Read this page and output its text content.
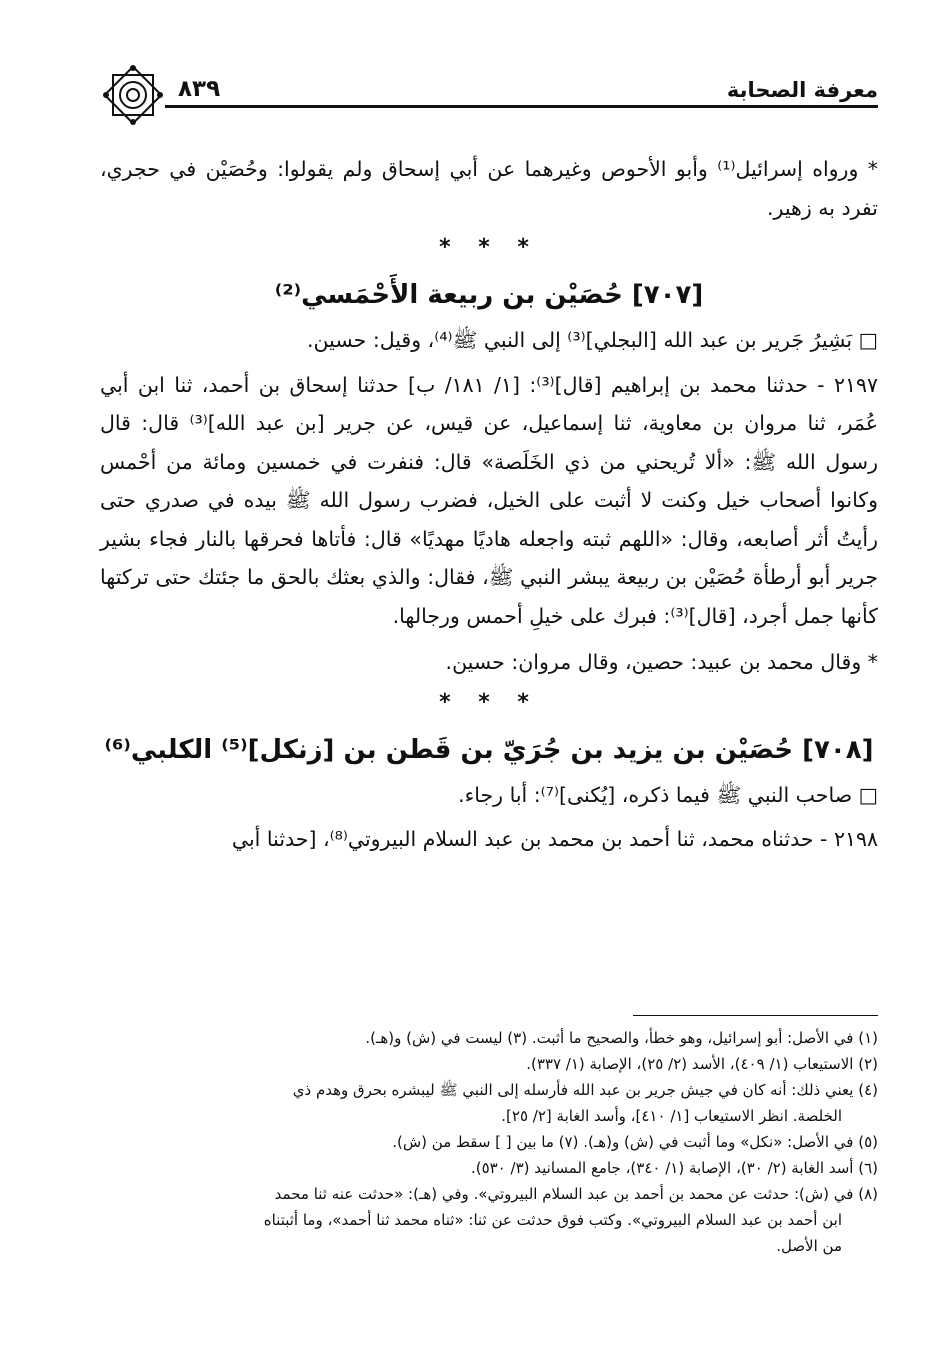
معرفة الصحابة
٨٣٩

* ورواه إسرائيل⁽¹⁾ وأبو الأحوص وغيرهما عن أبي إسحاق ولم يقولوا: وحُصَيْن في حجري، تفرد به زهير.

* * *
[٧٠٧] حُصَيْن بن ربيعة الأَحْمَسي⁽²⁾

□ بَشِيرُ جَرير بن عبد الله [البجلي]⁽³⁾ إلى النبي ﷺ⁽⁴⁾، وقيل: حسين.

٢١٩٧ - حدثنا محمد بن إبراهيم [قال]⁽³⁾: [١/ ١٨١/ ب] حدثنا إسحاق بن أحمد، ثنا ابن أبي عُمَر، ثنا مروان بن معاوية، ثنا إسماعيل، عن قيس، عن جرير [بن عبد الله]⁽³⁾ قال: قال رسول الله ﷺ: «ألا تُريحني من ذي الخَلَصة» قال: فنفرت في خمسين ومائة من أحْمس وكانوا أصحاب خيل وكنت لا أثبت على الخيل، فضرب رسول الله ﷺ بيده في صدري حتى رأيتُ أثر أصابعه، وقال: «اللهم ثبته واجعله هاديًا مهديًا» قال: فأتاها فحرقها بالنار فجاء بشير جرير أبو أرطأة حُصَيْن بن ربيعة يبشر النبي ﷺ، فقال: والذي بعثك بالحق ما جئتك حتى تركتها كأنها جمل أجرد، [قال]⁽³⁾: فبرك على خيلِ أحمس ورجالها.

* وقال محمد بن عبيد: حصين، وقال مروان: حسين.

* * *
[٧٠٨] حُصَيْن بن يزيد بن جُرَيّ بن قَطن بن [زنكل]⁽⁵⁾ الكلبي⁽⁶⁾

□ صاحب النبي ﷺ فيما ذكره، [يُكنى]⁽⁷⁾: أبا رجاء.

٢١٩٨ - حدثناه محمد، ثنا أحمد بن محمد بن عبد السلام البيروتي⁽⁸⁾، [حدثنا أبي

(١) في الأصل: أبو إسرائيل، وهو خطأ، والصحيح ما أثبت. (٣) ليست في (ش) و(هـ).

(٢) الاستيعاب (١/ ٤٠٩)، الأسد (٢/ ٢٥)، الإصابة (١/ ٣٣٧).

(٤) يعني ذلك: أنه كان في جيش جرير بن عبد الله فأرسله إلى النبي ﷺ ليبشره بحرق وهدم ذي

الخلصة. انظر الاستيعاب [١/ ٤١٠]، وأسد الغابة [٢/ ٢٥].

(٥) في الأصل: «نكل» وما أثبت في (ش) و(هـ). (٧) ما بين [ ] سقط من (ش).

(٦) أسد الغابة (٢/ ٣٠)، الإصابة (١/ ٣٤٠)، جامع المسانيد (٣/ ٥٣٠).

(٨) في (ش): حدثت عن محمد بن أحمد بن عبد السلام البيروتي». وفي (هـ): «حدثت عنه ثنا محمد

ابن أحمد بن عبد السلام البيروتي». وكتب فوق حدثت عن ثنا: «ثناه محمد ثنا أحمد»، وما أثبتناه

من الأصل.
